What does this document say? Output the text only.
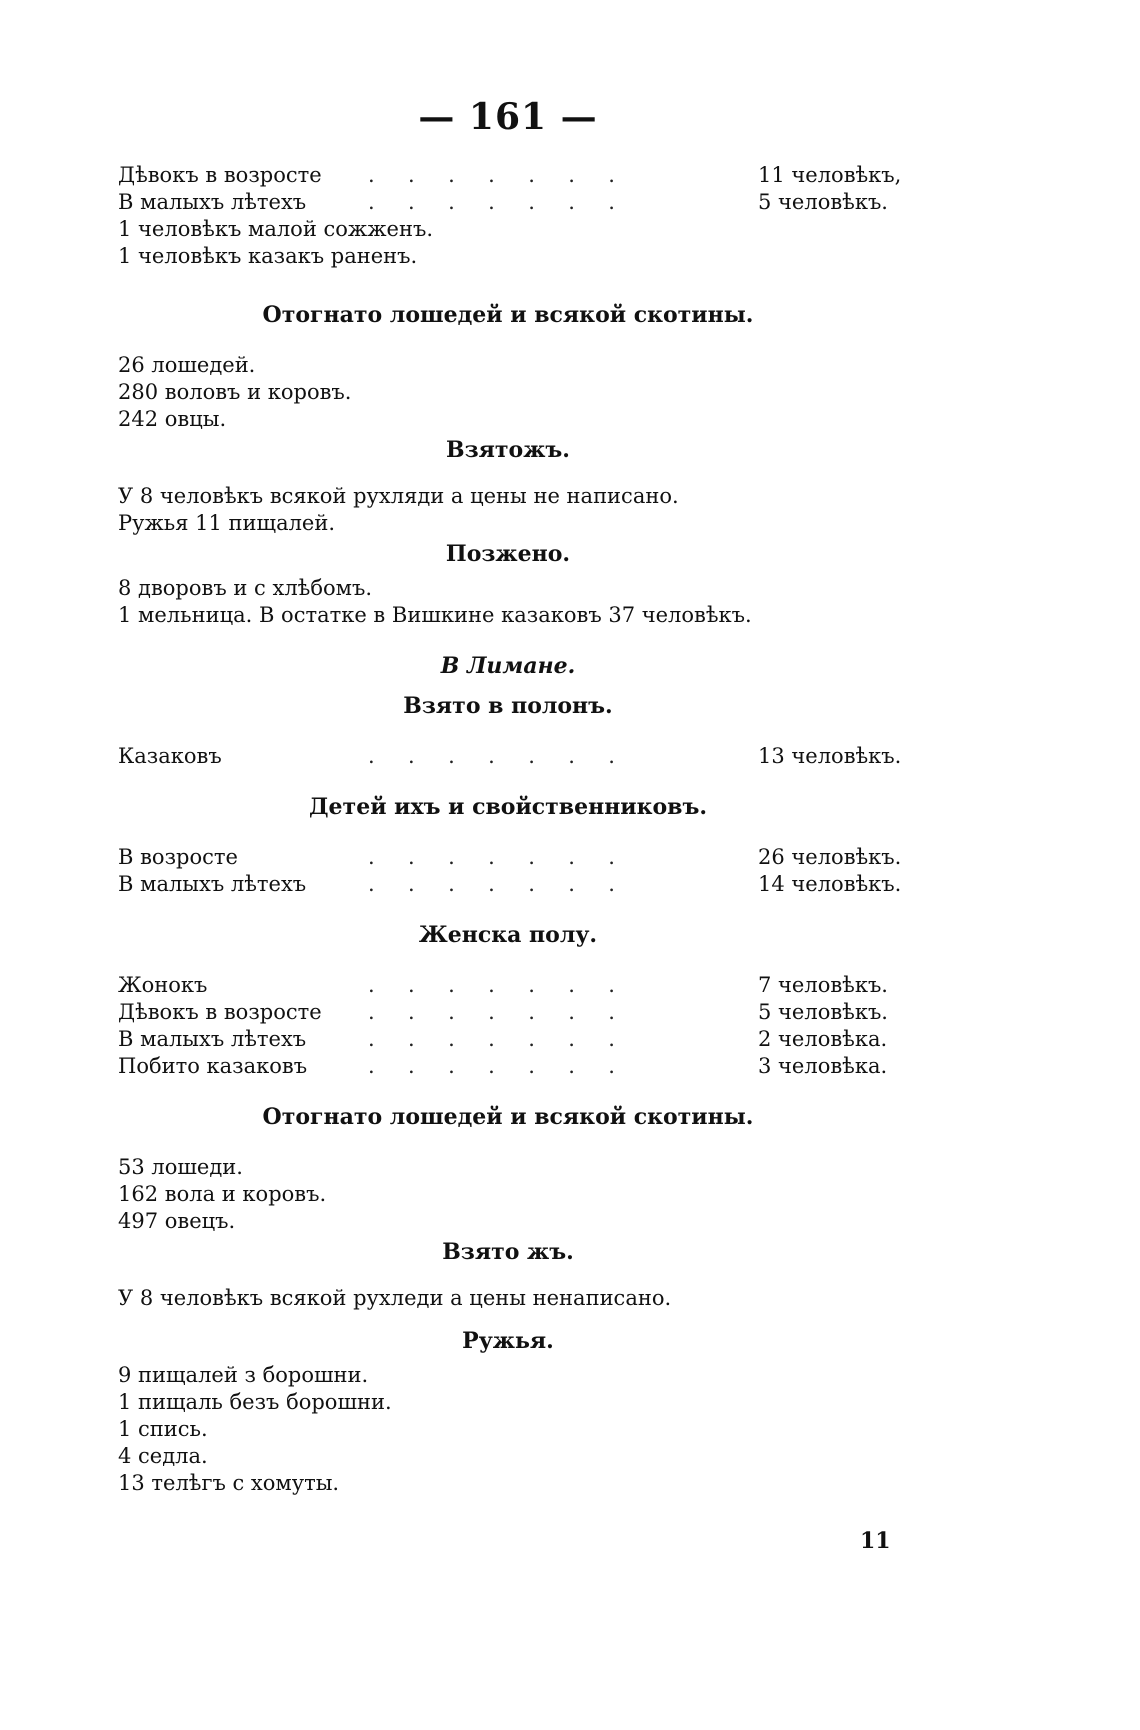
— 161 —
Дѣвокъ в возросте	.     .     .     .     .     .     .	11 человѣкъ,
В малыхъ лѣтехъ	.     .     .     .     .     .     .	5 человѣкъ.
1 человѣкъ малой сожженъ.
1 человѣкъ казакъ раненъ.
Отогнато лошедей и всякой скотины.
26 лошедей.
280 воловъ и коровъ.
242 овцы.
Взятожъ.
У 8 человѣкъ всякой рухляди а цены не написано.
Ружья 11 пищалей.
Позжено.
8 дворовъ и с хлѣбомъ.
1 мельница. В остатке в Вишкине казаковъ 37 человѣкъ.
В Лимане.
Взято в полонъ.
Казаковъ	.     .     .     .     .     .     .	13 человѣкъ.
Детей ихъ и свойственниковъ.
В возросте	.     .     .     .     .     .     .	26 человѣкъ.
В малыхъ лѣтехъ	.     .     .     .     .     .     .	14 человѣкъ.
Женска полу.
Жонокъ	.     .     .     .     .     .     .	7 человѣкъ.
Дѣвокъ в возросте	.     .     .     .     .     .     .	5 человѣкъ.
В малыхъ лѣтехъ	.     .     .     .     .     .     .	2 человѣка.
Побито казаковъ	.     .     .     .     .     .     .	3 человѣка.
Отогнато лошедей и всякой скотины.
53 лошеди.
162 вола и коровъ.
497 овецъ.
Взято жъ.
У 8 человѣкъ всякой рухледи а цены ненаписано.
Ружья.
9 пищалей з борошни.
1 пищаль безъ борошни.
1 спись.
4 седла.
13 телѣгъ с хомуты.
11
